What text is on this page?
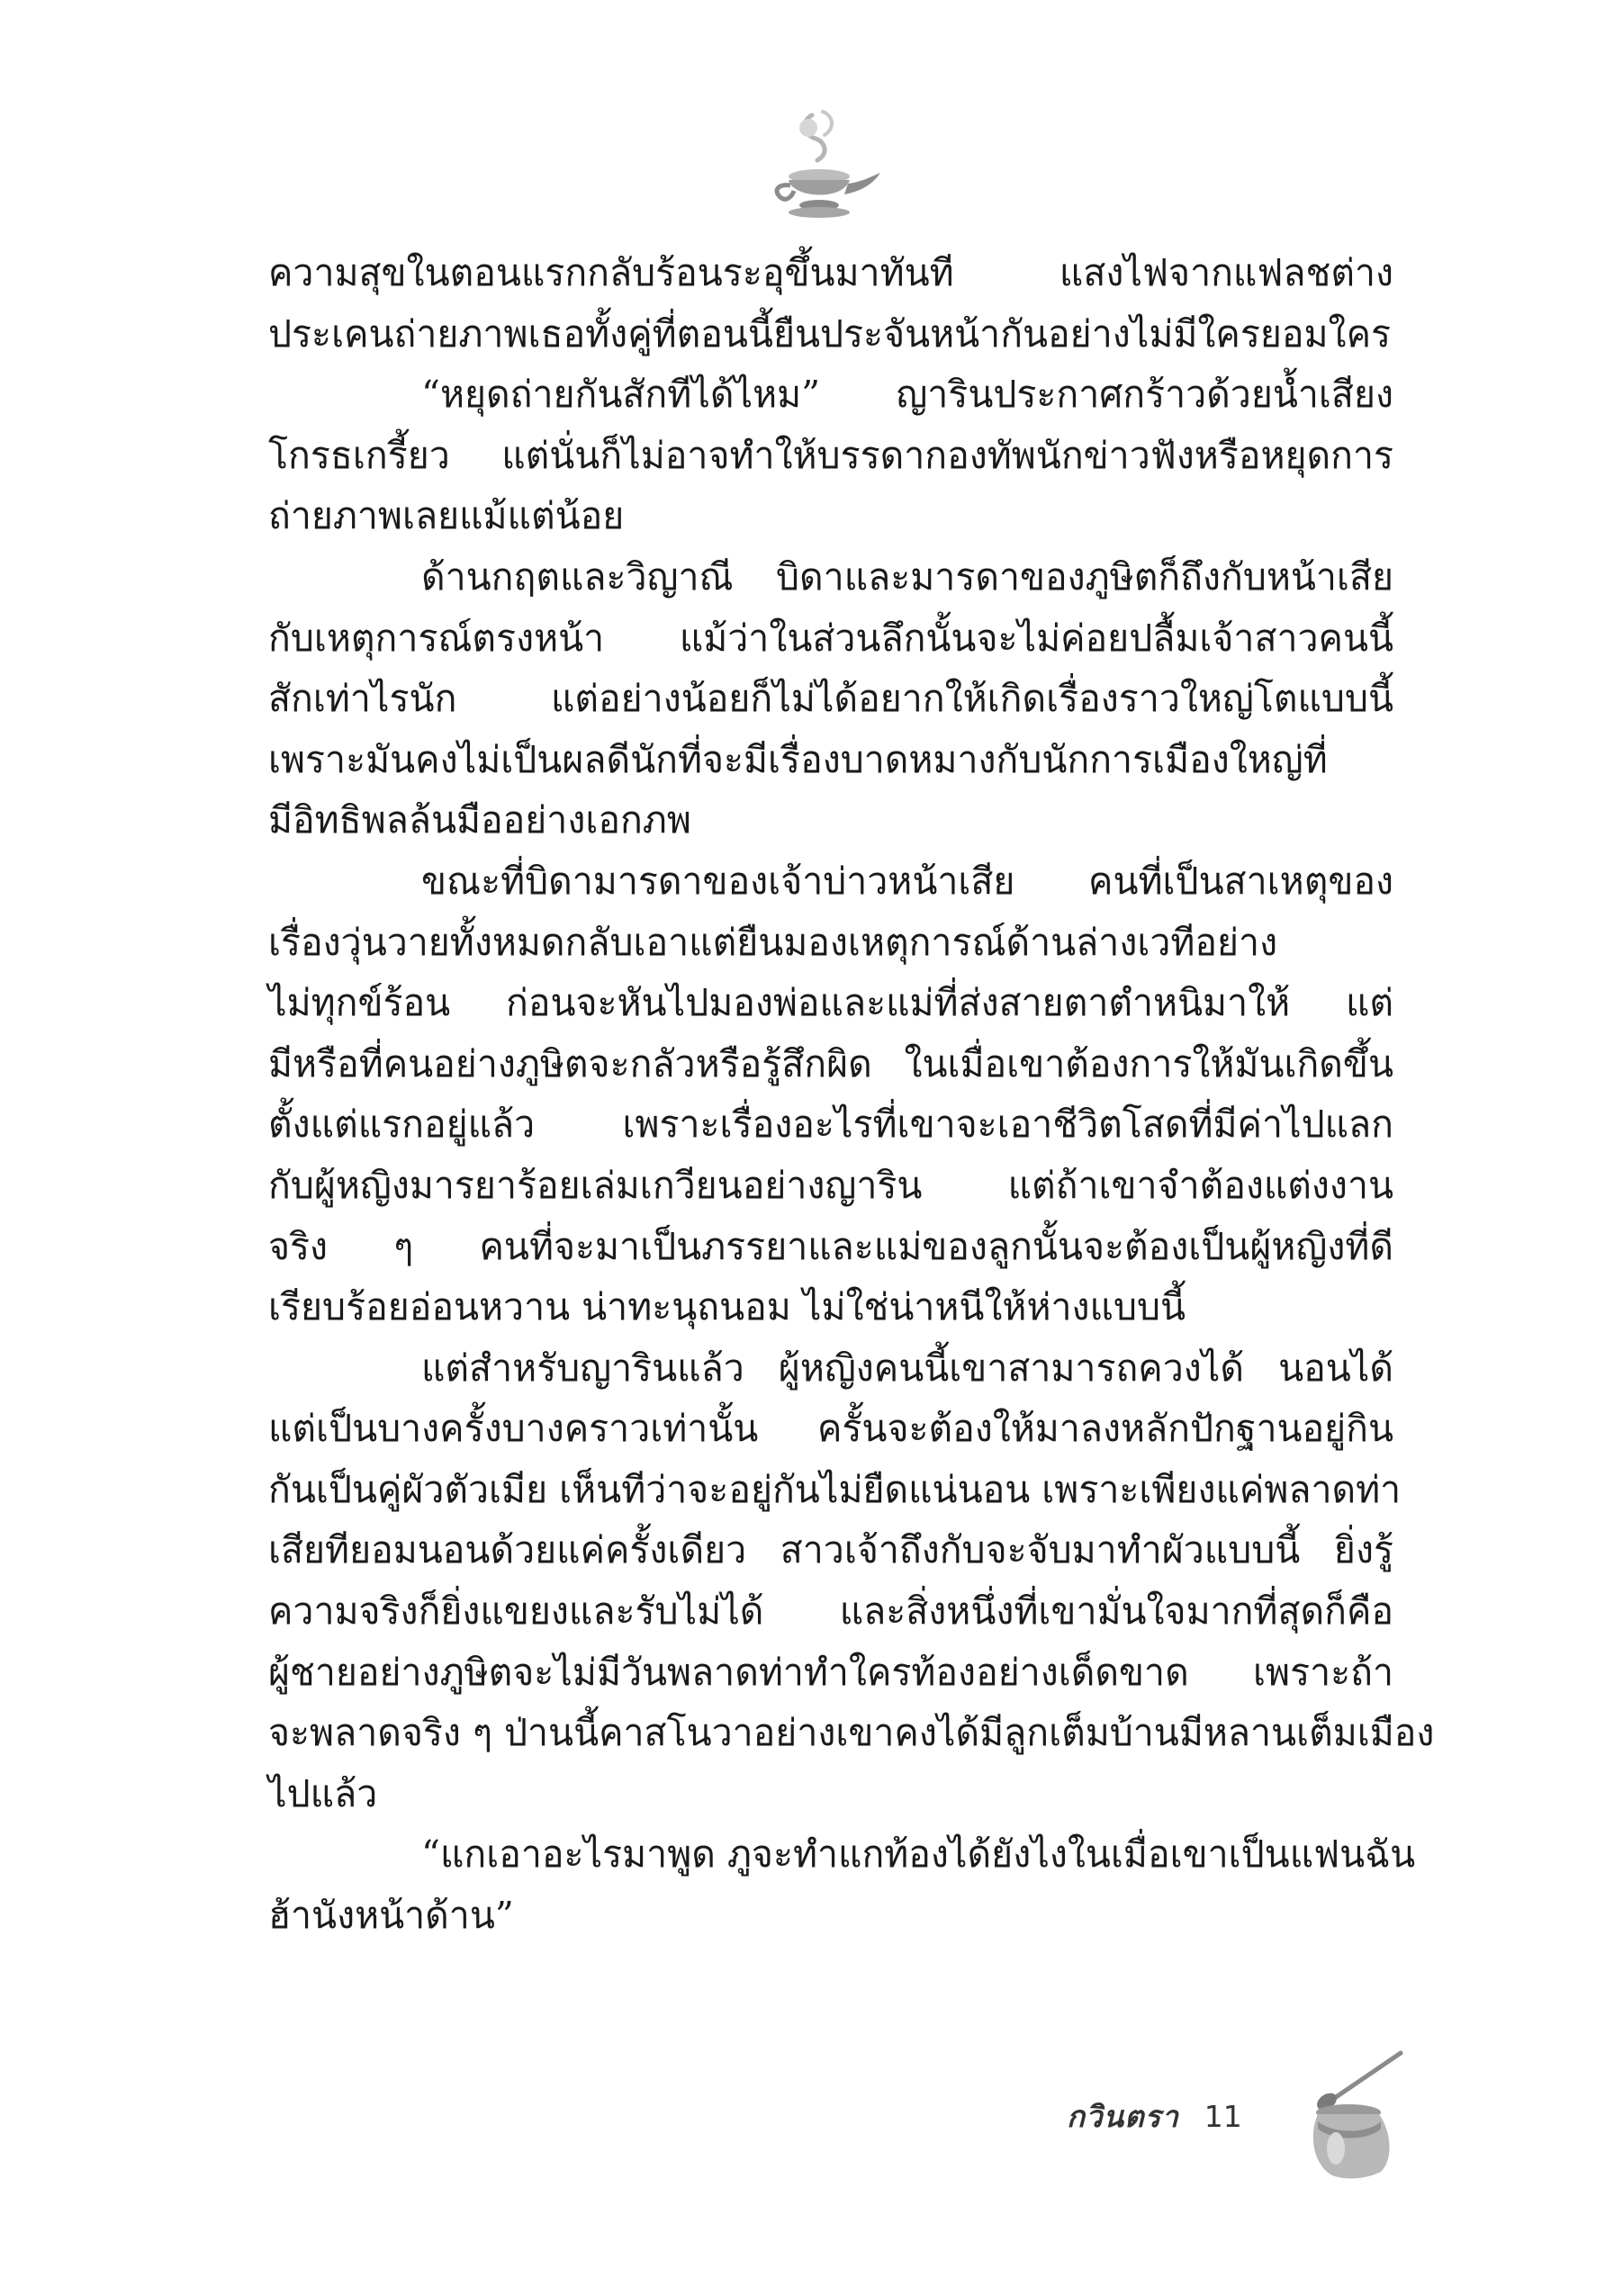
ความสุขในตอนแรกกลับร้อนระอุขึ้นมาทันที แสงไฟจากแฟลชต่าง
ประเคนถ่ายภาพเธอทั้งคู่ที่ตอนนี้ยืนประจันหน้ากันอย่างไม่มีใครยอมใคร
“หยุดถ่ายกันสักทีได้ไหม” ญารินประกาศกร้าวด้วยน้ำเสียง
โกรธเกรี้ยว แต่นั่นก็ไม่อาจทำให้บรรดากองทัพนักข่าวฟังหรือหยุดการ
ถ่ายภาพเลยแม้แต่น้อย
ด้านกฤตและวิญาณี บิดาและมารดาของภูษิตก็ถึงกับหน้าเสีย
กับเหตุการณ์ตรงหน้า แม้ว่าในส่วนลึกนั้นจะไม่ค่อยปลื้มเจ้าสาวคนนี้
สักเท่าไรนัก แต่อย่างน้อยก็ไม่ได้อยากให้เกิดเรื่องราวใหญ่โตแบบนี้
เพราะมันคงไม่เป็นผลดีนักที่จะมีเรื่องบาดหมางกับนักการเมืองใหญ่ที่
มีอิทธิพลล้นมืออย่างเอกภพ
ขณะที่บิดามารดาของเจ้าบ่าวหน้าเสีย คนที่เป็นสาเหตุของ
เรื่องวุ่นวายทั้งหมดกลับเอาแต่ยืนมองเหตุการณ์ด้านล่างเวทีอย่าง
ไม่ทุกข์ร้อน ก่อนจะหันไปมองพ่อและแม่ที่ส่งสายตาตำหนิมาให้ แต่
มีหรือที่คนอย่างภูษิตจะกลัวหรือรู้สึกผิด ในเมื่อเขาต้องการให้มันเกิดขึ้น
ตั้งแต่แรกอยู่แล้ว เพราะเรื่องอะไรที่เขาจะเอาชีวิตโสดที่มีค่าไปแลก
กับผู้หญิงมารยาร้อยเล่มเกวียนอย่างญาริน แต่ถ้าเขาจำต้องแต่งงาน
จริง ๆ คนที่จะมาเป็นภรรยาและแม่ของลูกนั้นจะต้องเป็นผู้หญิงที่ดี
เรียบร้อยอ่อนหวาน น่าทะนุถนอม ไม่ใช่น่าหนีให้ห่างแบบนี้
แต่สำหรับญารินแล้ว ผู้หญิงคนนี้เขาสามารถควงได้ นอนได้
แต่เป็นบางครั้งบางคราวเท่านั้น ครั้นจะต้องให้มาลงหลักปักฐานอยู่กิน
กันเป็นคู่ผัวตัวเมีย เห็นทีว่าจะอยู่กันไม่ยืดแน่นอน เพราะเพียงแค่พลาดท่า
เสียทียอมนอนด้วยแค่ครั้งเดียว สาวเจ้าถึงกับจะจับมาทำผัวแบบนี้ ยิ่งรู้
ความจริงก็ยิ่งแขยงและรับไม่ได้ และสิ่งหนึ่งที่เขามั่นใจมากที่สุดก็คือ
ผู้ชายอย่างภูษิตจะไม่มีวันพลาดท่าทำใครท้องอย่างเด็ดขาด เพราะถ้า
จะพลาดจริง ๆ ป่านนี้คาสโนวาอย่างเขาคงได้มีลูกเต็มบ้านมีหลานเต็มเมือง
ไปแล้ว
“แกเอาอะไรมาพูด ภูจะทำแกท้องได้ยังไงในเมื่อเขาเป็นแฟนฉัน
ฮ้านังหน้าด้าน”
กวินตรา 11
